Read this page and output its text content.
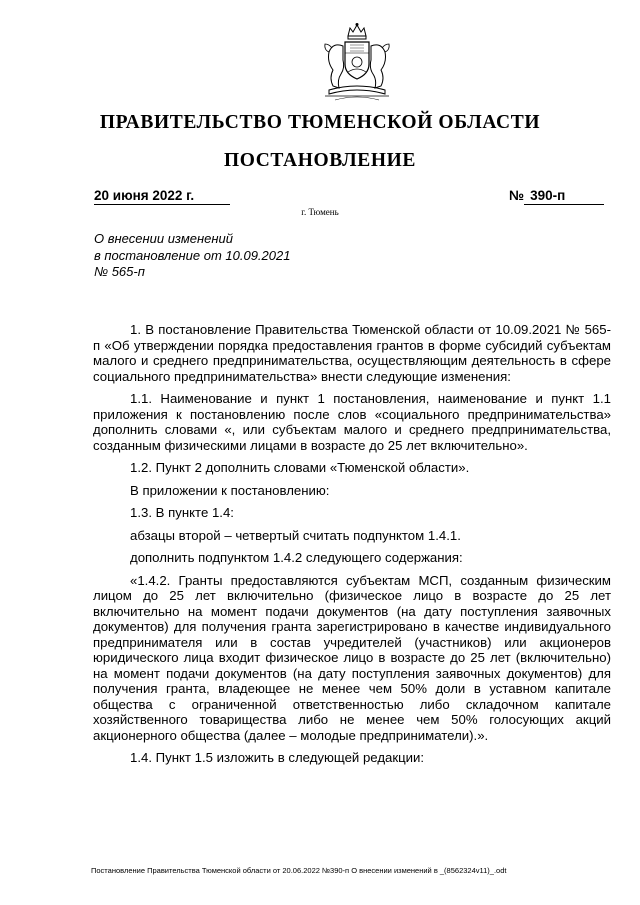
ПРАВИТЕЛЬСТВО ТЮМЕНСКОЙ ОБЛАСТИ
ПОСТАНОВЛЕНИЕ
20 июня 2022 г.	№ 390-п
г. Тюмень
О внесении изменений
в постановление от 10.09.2021
№ 565-п

1. В постановление Правительства Тюменской области от 10.09.2021 № 565-п «Об утверждении порядка предоставления грантов в форме субсидий субъектам малого и среднего предпринимательства, осуществляющим деятельность в сфере социального предпринимательства» внести следующие изменения:

1.1. Наименование и пункт 1 постановления, наименование и пункт 1.1 приложения к постановлению после слов «социального предпринимательства» дополнить словами «, или субъектам малого и среднего предпринимательства, созданным физическими лицами в возрасте до 25 лет включительно».

1.2. Пункт 2 дополнить словами «Тюменской области».

В приложении к постановлению:

1.3. В пункте 1.4:

абзацы второй – четвертый считать подпунктом 1.4.1.

дополнить подпунктом 1.4.2 следующего содержания:

«1.4.2. Гранты предоставляются субъектам МСП, созданным физическим лицом до 25 лет включительно (физическое лицо в возрасте до 25 лет включительно на момент подачи документов (на дату поступления заявочных документов) для получения гранта зарегистрировано в качестве индивидуального предпринимателя или в состав учредителей (участников) или акционеров юридического лица входит физическое лицо в возрасте до 25 лет (включительно) на момент подачи документов (на дату поступления заявочных документов) для получения гранта, владеющее не менее чем 50% доли в уставном капитале общества с ограниченной ответственностью либо складочном капитале хозяйственного товарищества либо не менее чем 50% голосующих акций акционерного общества (далее – молодые предприниматели).».

1.4. Пункт 1.5 изложить в следующей редакции:

Постановление Правительства Тюменской области от 20.06.2022 №390-п О внесении изменений в _(8562324v11)_.odt
